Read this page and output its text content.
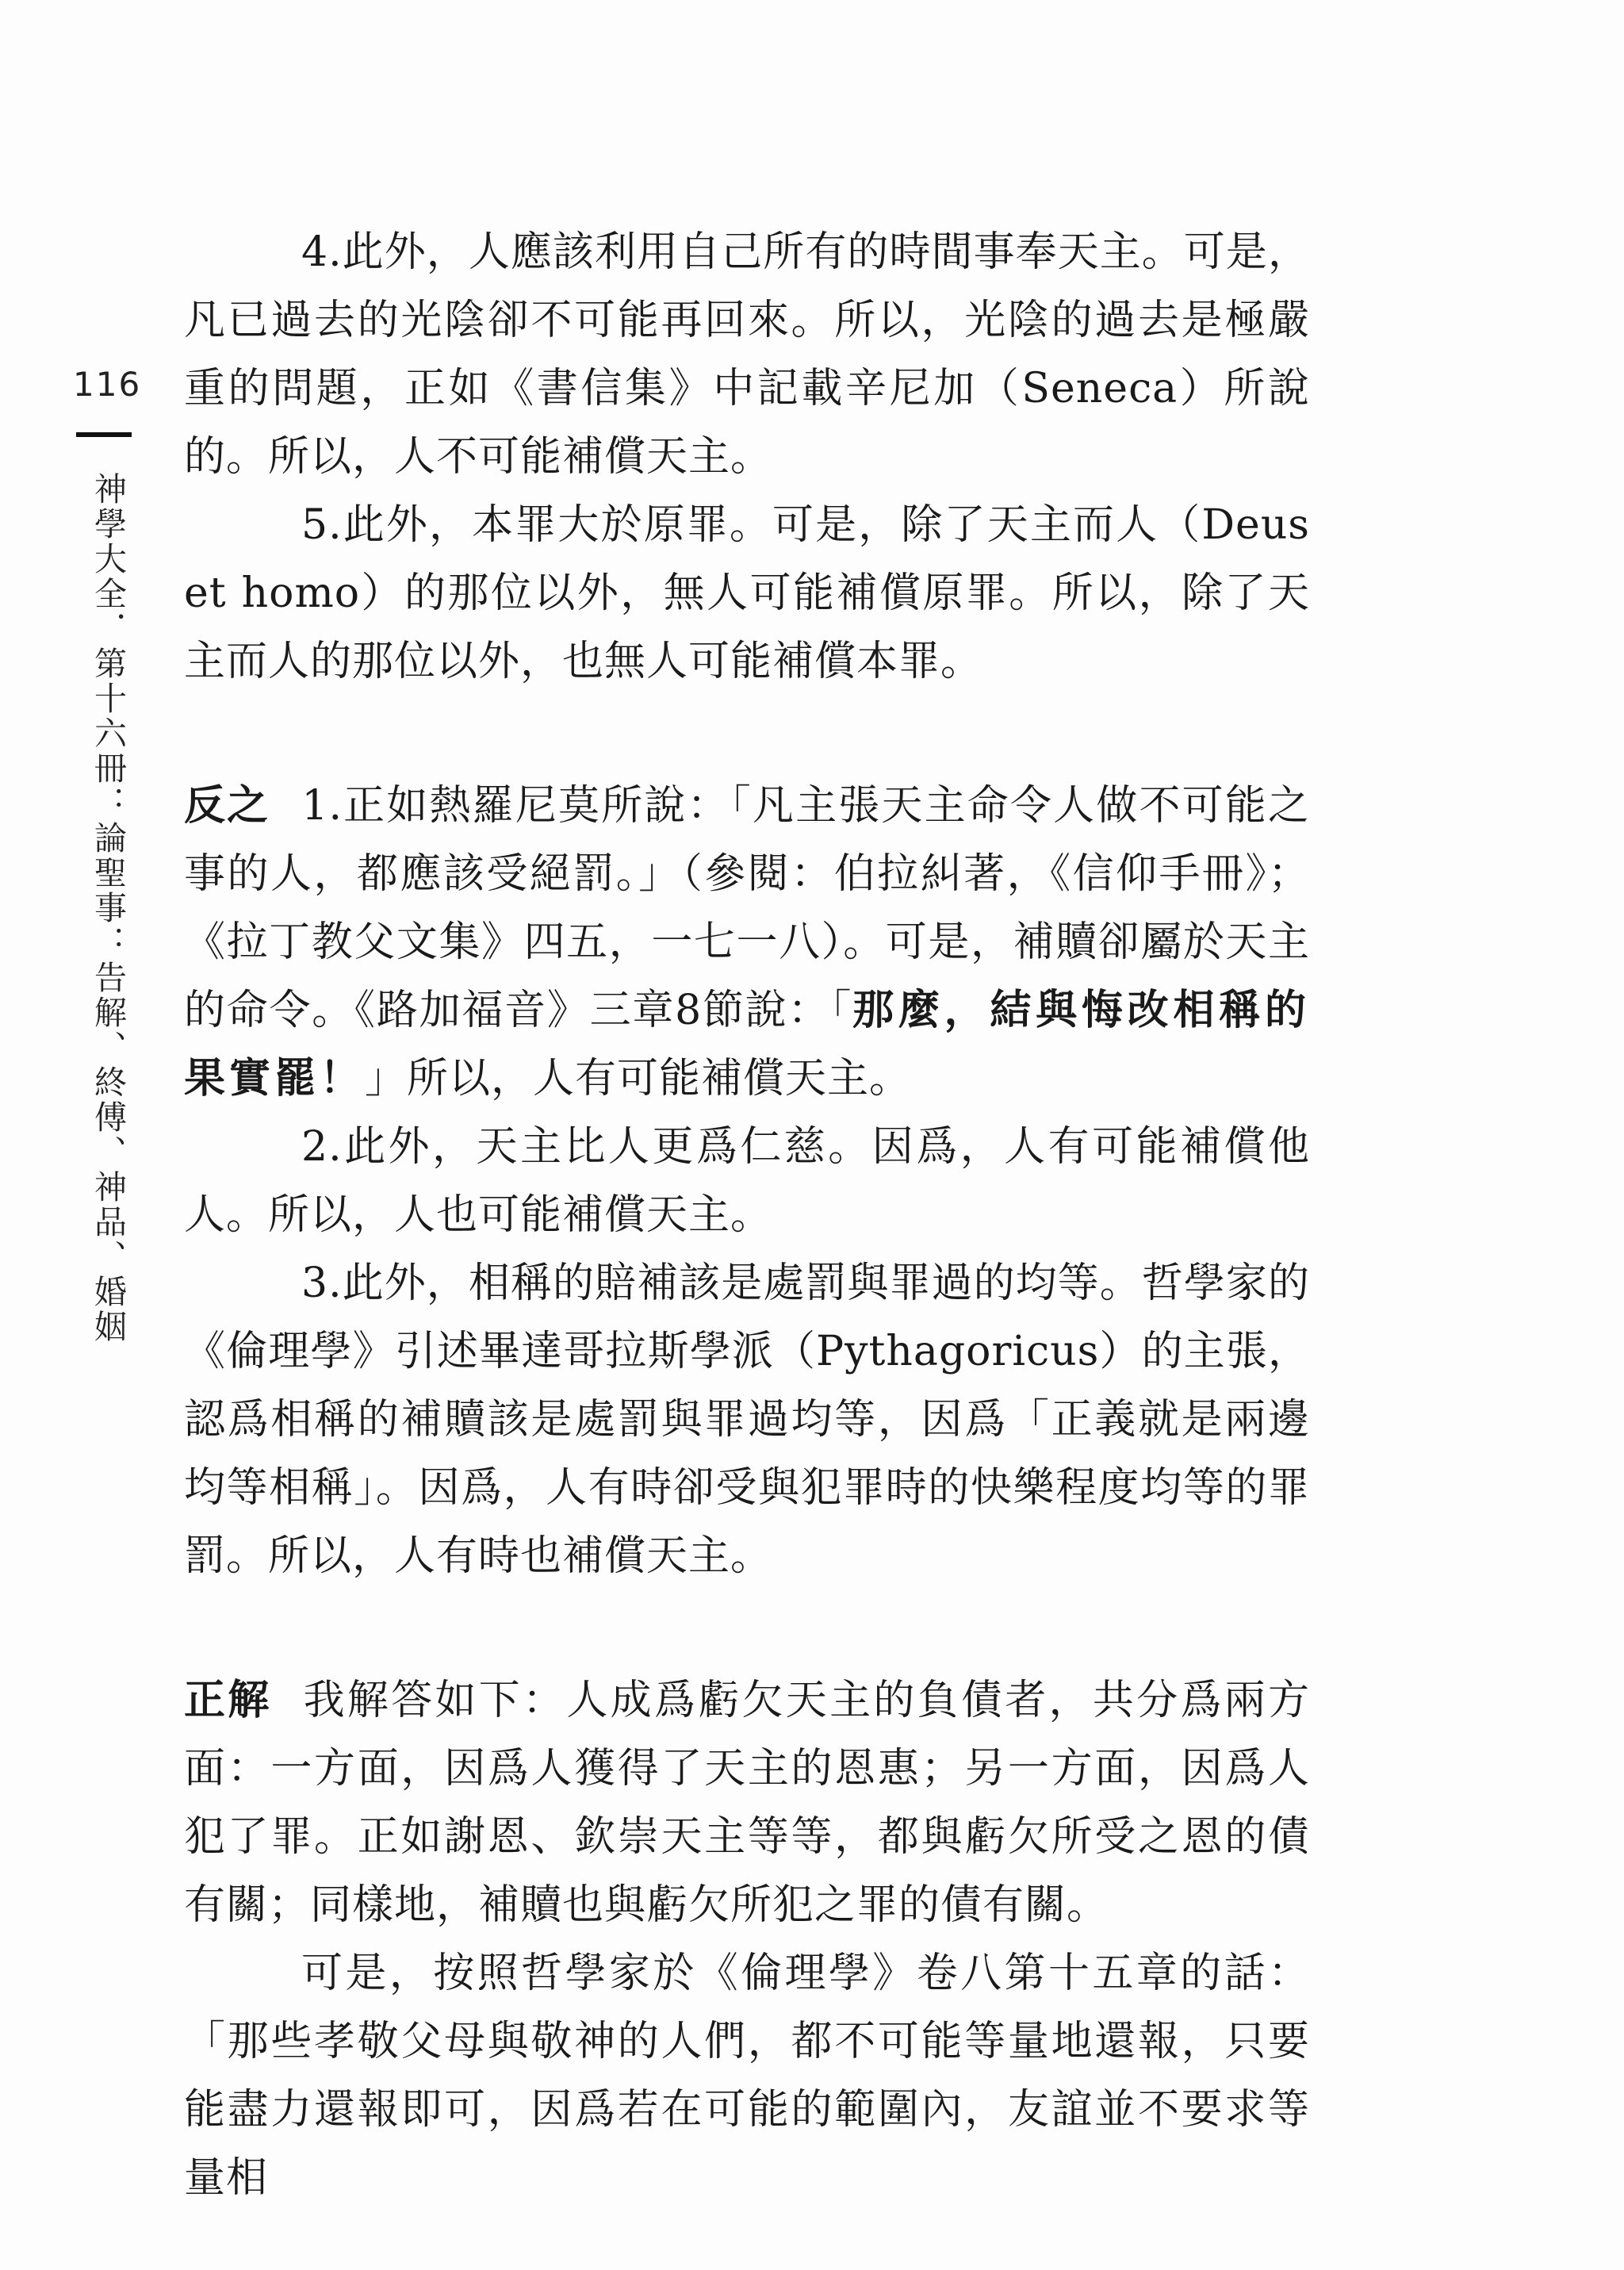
116
神學大全．第十六冊：論聖事：告解、終傅、神品、婚姻

4.此外，人應該利用自己所有的時間事奉天主。可是，凡已過去的光陰卻不可能再回來。所以，光陰的過去是極嚴重的問題，正如《書信集》中記載辛尼加（Seneca）所說的。所以，人不可能補償天主。

5.此外，本罪大於原罪。可是，除了天主而人（Deus et homo）的那位以外，無人可能補償原罪。所以，除了天主而人的那位以外，也無人可能補償本罪。

反之 1.正如熱羅尼莫所說：「凡主張天主命令人做不可能之事的人，都應該受絕罰。」（參閱：伯拉糾著，《信仰手冊》；《拉丁教父文集》四五，一七一八）。可是，補贖卻屬於天主的命令。《路加福音》三章8節說：「那麼，結與悔改相稱的果實罷！」所以，人有可能補償天主。

2.此外，天主比人更爲仁慈。因爲，人有可能補償他人。所以，人也可能補償天主。

3.此外，相稱的賠補該是處罰與罪過的均等。哲學家的《倫理學》引述畢達哥拉斯學派（Pythagoricus）的主張，認爲相稱的補贖該是處罰與罪過均等，因爲「正義就是兩邊均等相稱」。因爲，人有時卻受與犯罪時的快樂程度均等的罪罰。所以，人有時也補償天主。

正解 我解答如下：人成爲虧欠天主的負債者，共分爲兩方面：一方面，因爲人獲得了天主的恩惠；另一方面，因爲人犯了罪。正如謝恩、欽崇天主等等，都與虧欠所受之恩的債有關；同樣地，補贖也與虧欠所犯之罪的債有關。

可是，按照哲學家於《倫理學》卷八第十五章的話：「那些孝敬父母與敬神的人們，都不可能等量地還報，只要能盡力還報即可，因爲若在可能的範圍內，友誼並不要求等量相
